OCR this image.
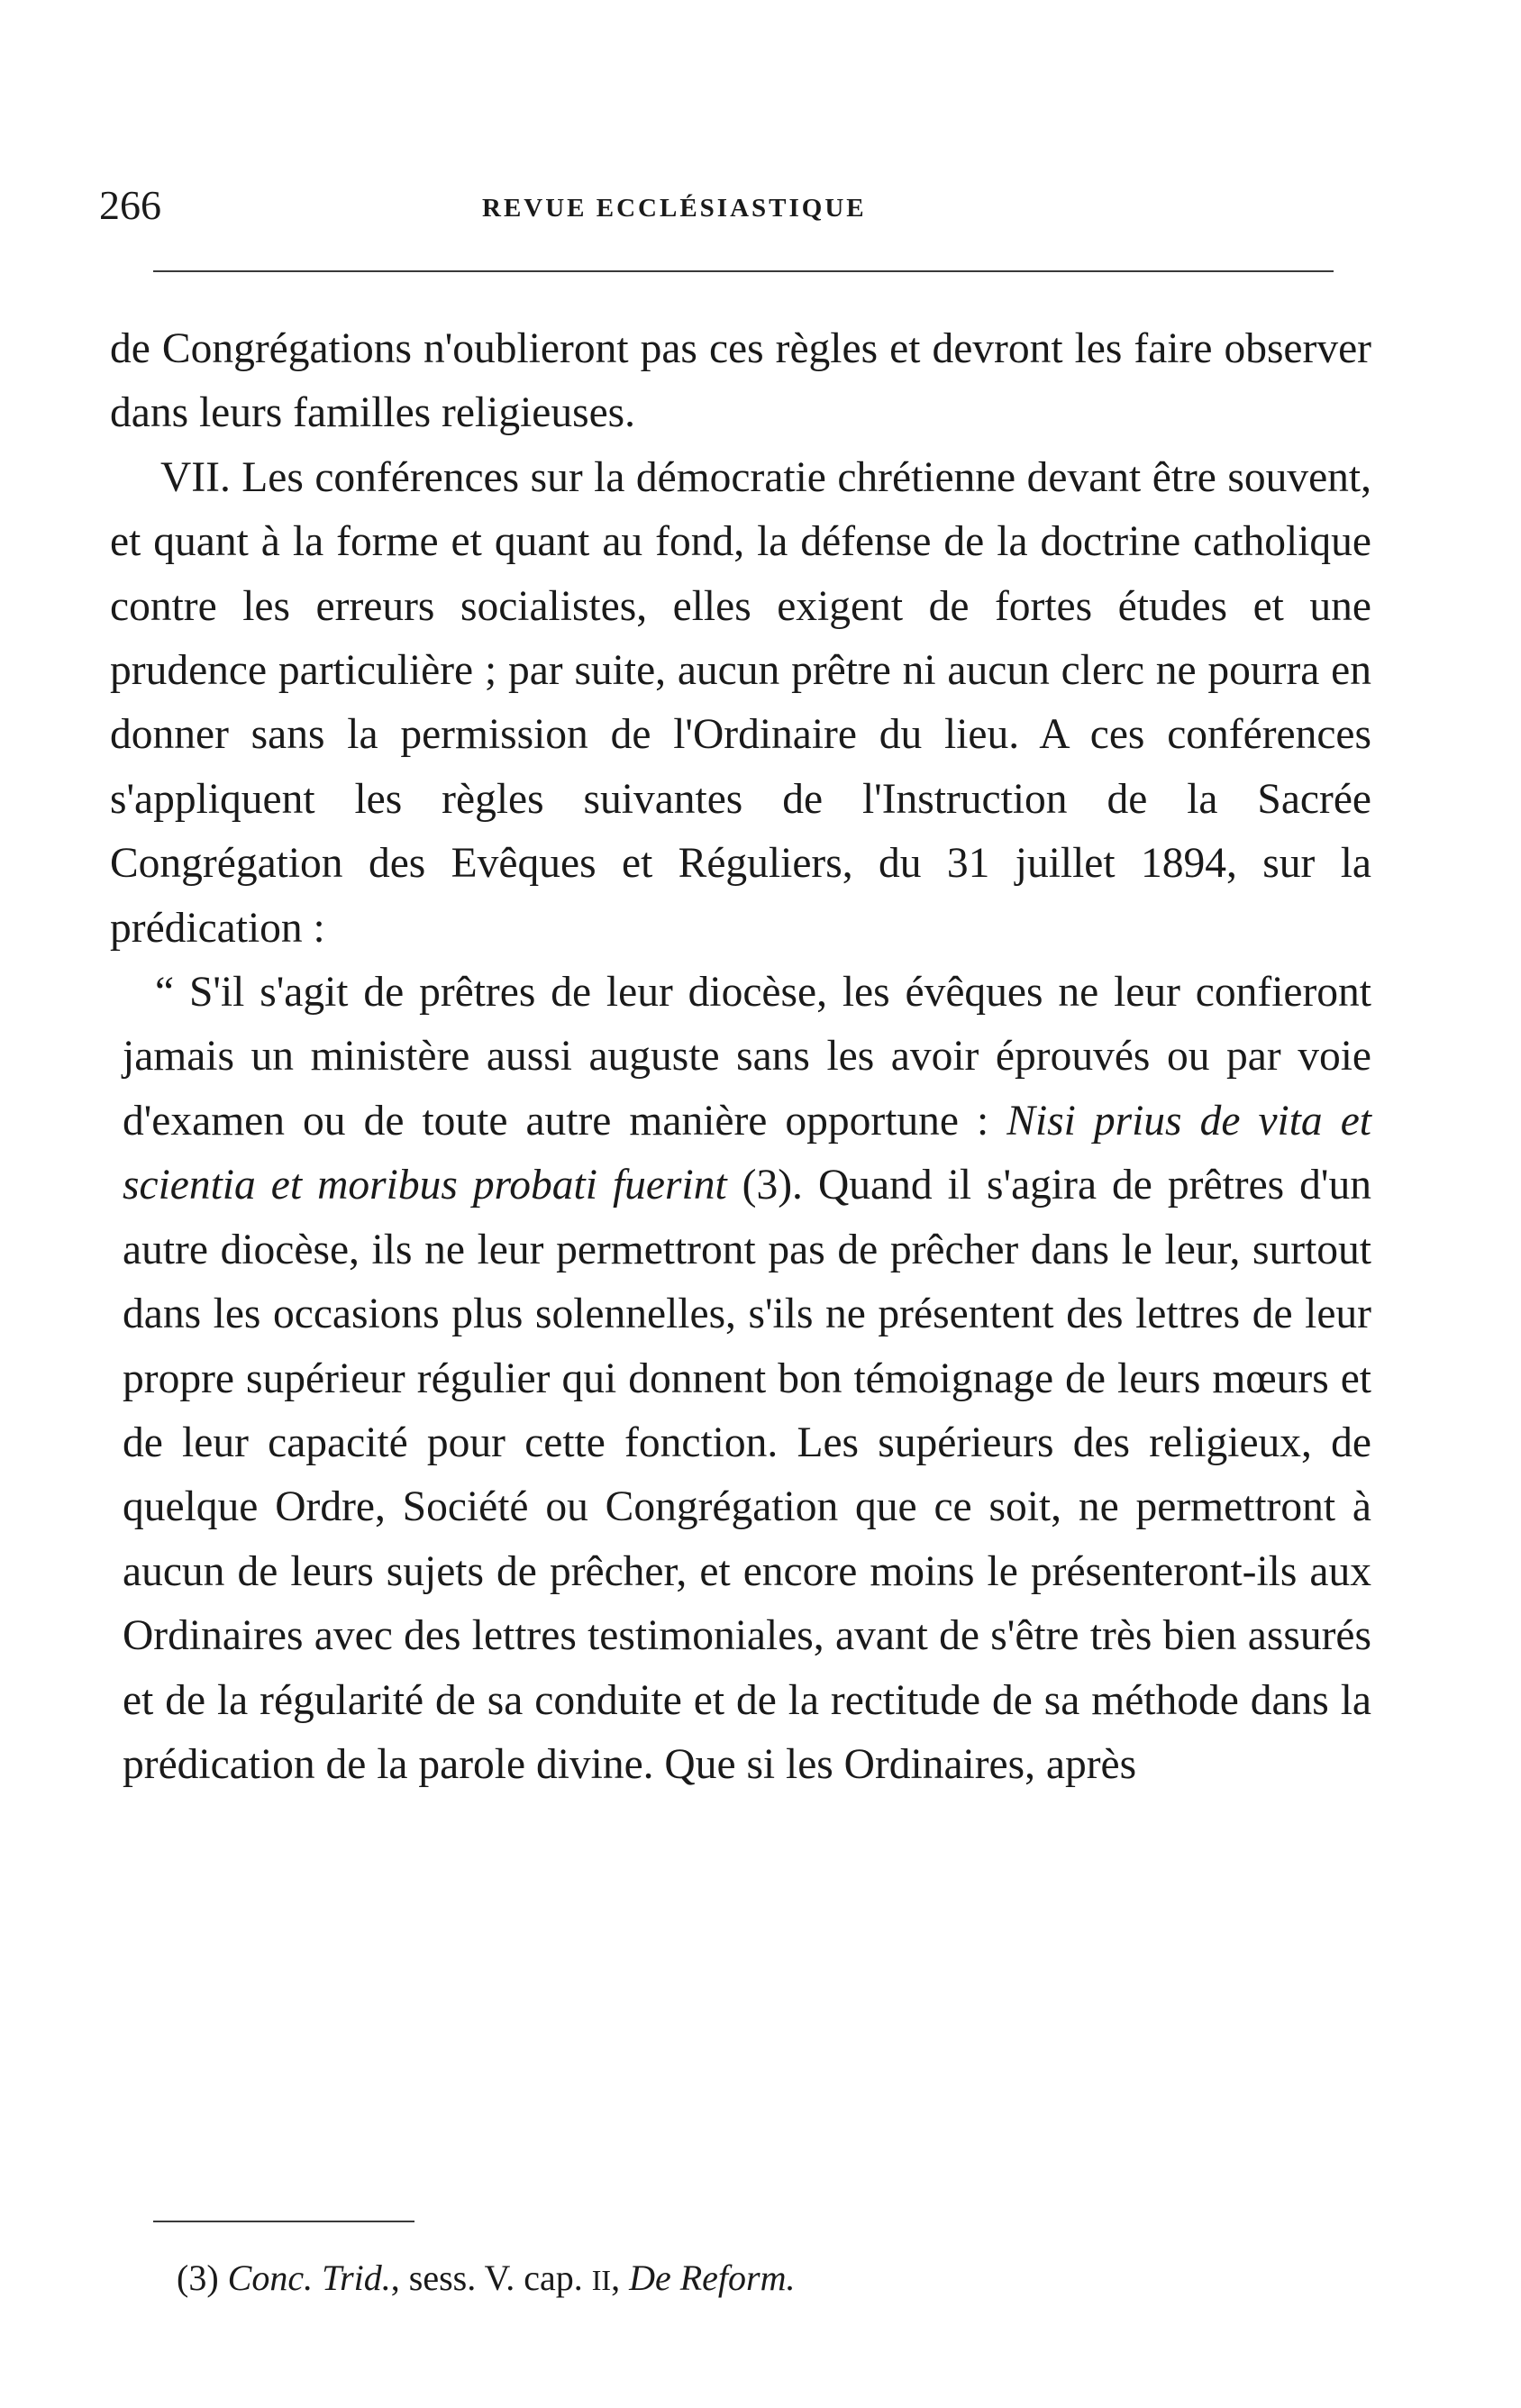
266	REVUE ECCLÉSIASTIQUE

de Congrégations n'oublieront pas ces règles et devront les faire observer dans leurs familles religieuses.

VII. Les conférences sur la démocratie chrétienne devant être souvent, et quant à la forme et quant au fond, la défense de la doctrine catholique contre les erreurs socialistes, elles exigent de fortes études et une prudence particulière ; par suite, aucun prêtre ni aucun clerc ne pourra en donner sans la permission de l'Ordinaire du lieu. A ces conférences s'appliquent les règles suivantes de l'Instruction de la Sacrée Congrégation des Evêques et Réguliers, du 31 juillet 1894, sur la prédication :

“ S'il s'agit de prêtres de leur diocèse, les évêques ne leur confieront jamais un ministère aussi auguste sans les avoir éprouvés ou par voie d'examen ou de toute autre manière opportune : Nisi prius de vita et scientia et moribus probati fuerint (3). Quand il s'agira de prêtres d'un autre diocèse, ils ne leur permettront pas de prêcher dans le leur, surtout dans les occasions plus solennelles, s'ils ne présentent des lettres de leur propre supérieur régulier qui donnent bon témoignage de leurs mœurs et de leur capacité pour cette fonction. Les supérieurs des religieux, de quelque Ordre, Société ou Congrégation que ce soit, ne permettront à aucun de leurs sujets de prêcher, et encore moins le présenteront-ils aux Ordinaires avec des lettres testimoniales, avant de s'être très bien assurés et de la régularité de sa conduite et de la rectitude de sa méthode dans la prédication de la parole divine. Que si les Ordinaires, après

(3) Conc. Trid., sess. V. cap. II, De Reform.
